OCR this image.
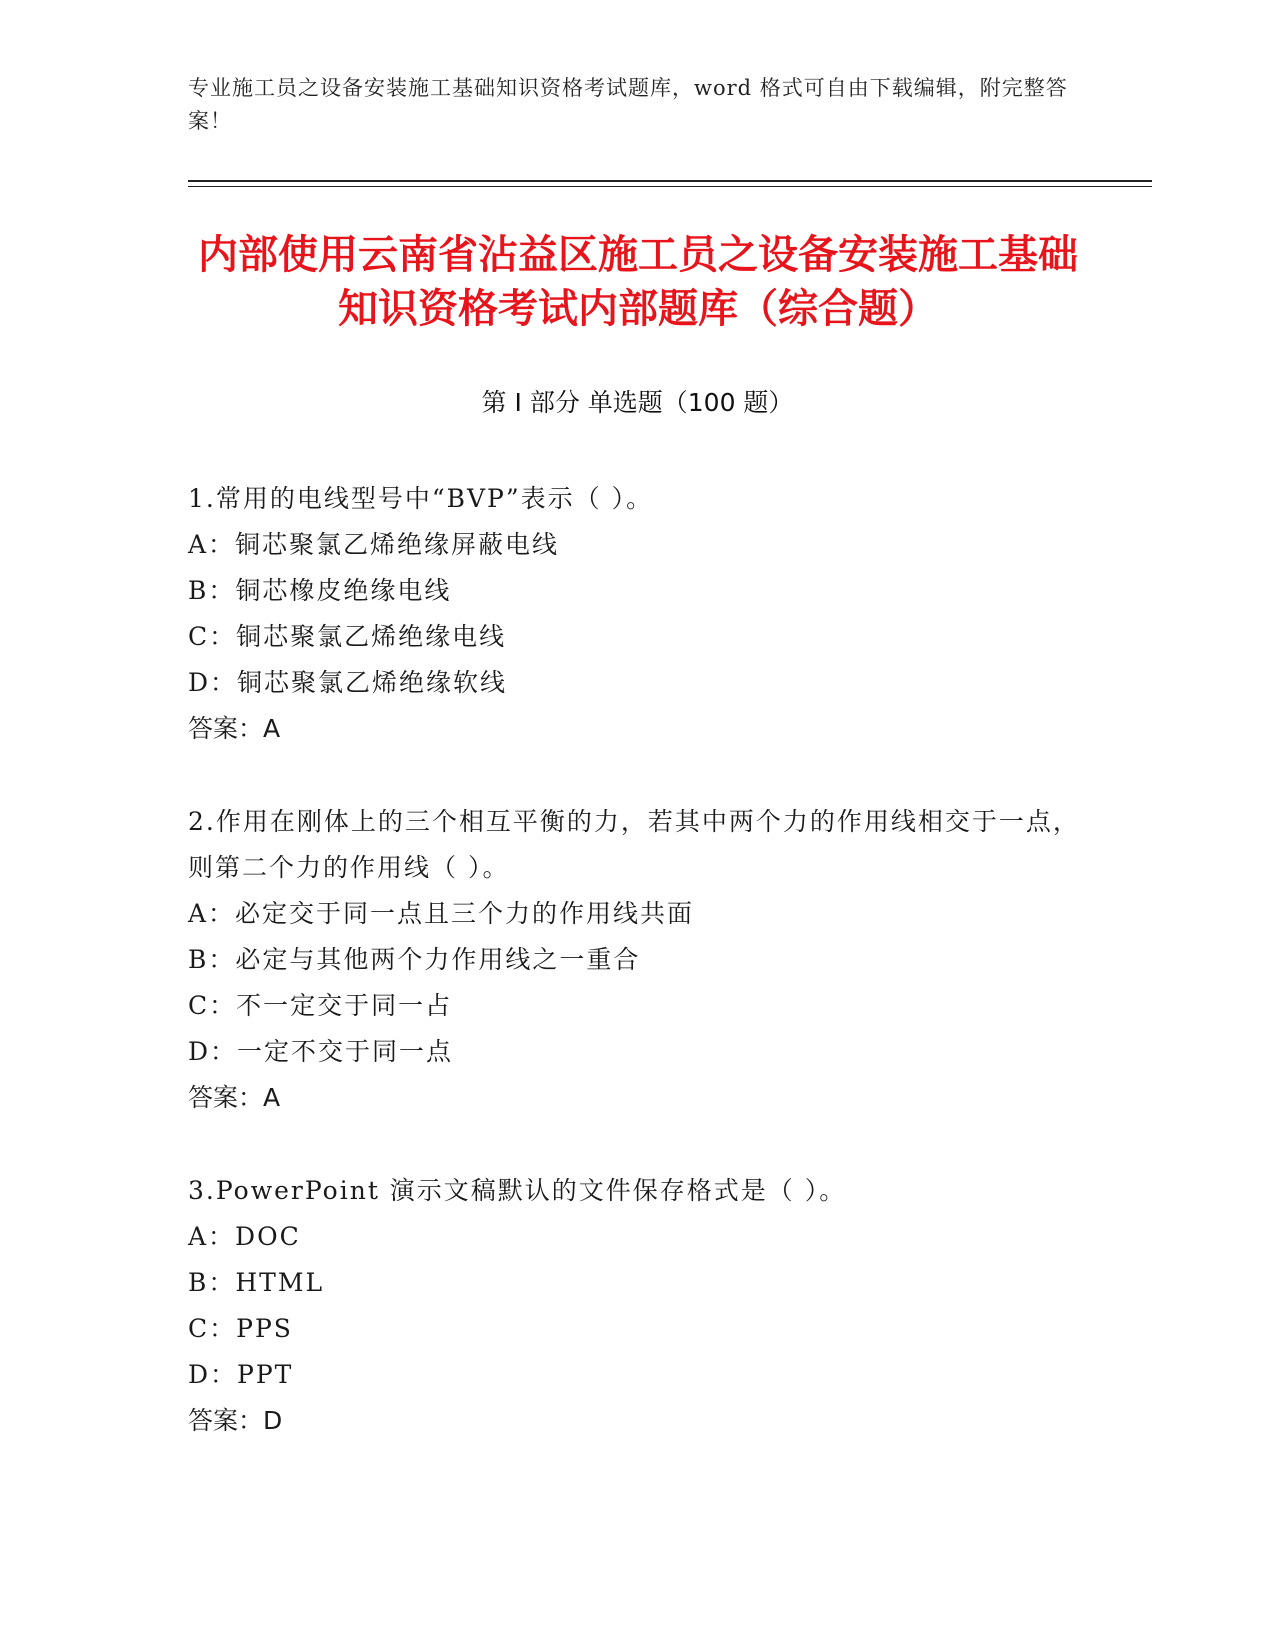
专业施工员之设备安装施工基础知识资格考试题库，word 格式可自由下载编辑，附完整答案！
内部使用云南省沾益区施工员之设备安装施工基础知识资格考试内部题库（综合题）
第 I 部分 单选题（100 题）

1.常用的电线型号中“BVP”表示（ ）。

A：铜芯聚氯乙烯绝缘屏蔽电线

B：铜芯橡皮绝缘电线

C：铜芯聚氯乙烯绝缘电线

D：铜芯聚氯乙烯绝缘软线

答案：A

2.作用在刚体上的三个相互平衡的力，若其中两个力的作用线相交于一点，则第二个力的作用线（ ）。

A：必定交于同一点且三个力的作用线共面

B：必定与其他两个力作用线之一重合

C：不一定交于同一占

D：一定不交于同一点

答案：A

3.PowerPoint 演示文稿默认的文件保存格式是（ ）。

A：DOC

B：HTML

C：PPS

D：PPT

答案：D
